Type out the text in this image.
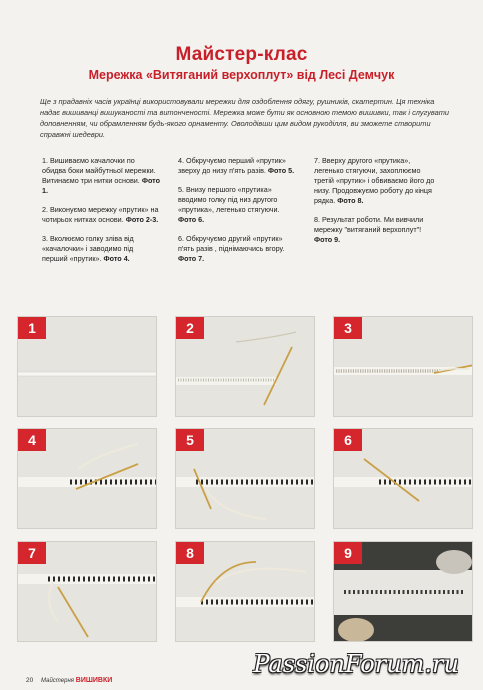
Майстер-клас
Мережка «Витяганий верхоплут» від Лесі Демчук
Ще з прадавніх часів українці використовували мережки для оздоблення одягу, рушників, скатертин. Ця техніка надає вишиванці вишуканості та витонченості. Мережка може бути як основною темою вишивки, так і слугувати доповненням, чи обрамленням будь-якого орнаменту. Оволодівши цим видом рукоділля, ви зможете створити справжні шедеври.

1. Вишиваємо качалочки по обидва боки майбутньої мережки. Витинаємо три нитки основи. Фото 1.

2. Виконуємо мережку «прутик» на чотирьох нитках основи. Фото 2-3.

3. Вколюємо голку зліва від «качалочки» і заводимо під перший «прутик». Фото 4.

4. Обкручуємо перший «прутик» зверху до низу п'ять разів. Фото 5.

5. Внизу першого «прутика» вводимо голку під низ другого «прутика», легенько стягуючи. Фото 6.

6. Обкручуємо другий «прутик» п'ять разів , піднімаючись вгору. Фото 7.

7. Вверху другого «прутика», легенько стягуючи, захоплюємо третій «прутик» і обвиваємо його до низу. Продовжуємо роботу до кінця рядка. Фото 8.

8. Результат роботи. Ми вивчили мережку "витяганий верхоплут"! Фото 9.

1	2	3
4	5	6
7	8	9
20 Майстерня ВИШИВКИ
PassionForum.ru
